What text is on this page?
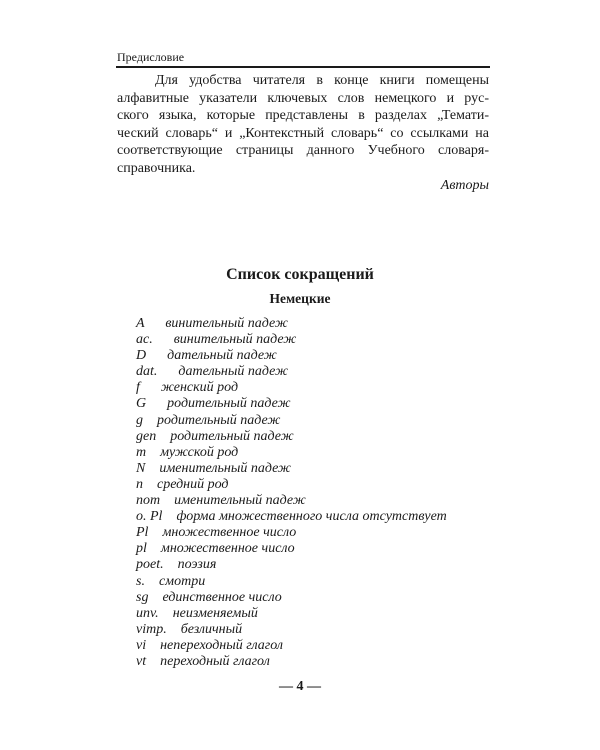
Предисловие
Для удобства читателя в конце книги помещены
алфавитные указатели ключевых слов немецкого и рус-
ского языка, которые представлены в разделах „Темати-
ческий словарь“ и „Контекстный словарь“ со ссылками на
соответствующие страницы данного Учебного словаря-
справочника.
Авторы
Список сокращений
Немецкие
A винительный падеж
ac. винительный падеж
D дательный падеж
dat. дательный падеж
f женский род
G родительный падеж
g родительный падеж
gen родительный падеж
m мужской род
N именительный падеж
n средний род
nom именительный падеж
o. Pl форма множественного числа отсутствует
Pl множественное число
pl множественное число
poet. поэзия
s. смотри
sg единственное число
unv. неизменяемый
vimp. безличный
vi непереходный глагол
vt переходный глагол
— 4 —
